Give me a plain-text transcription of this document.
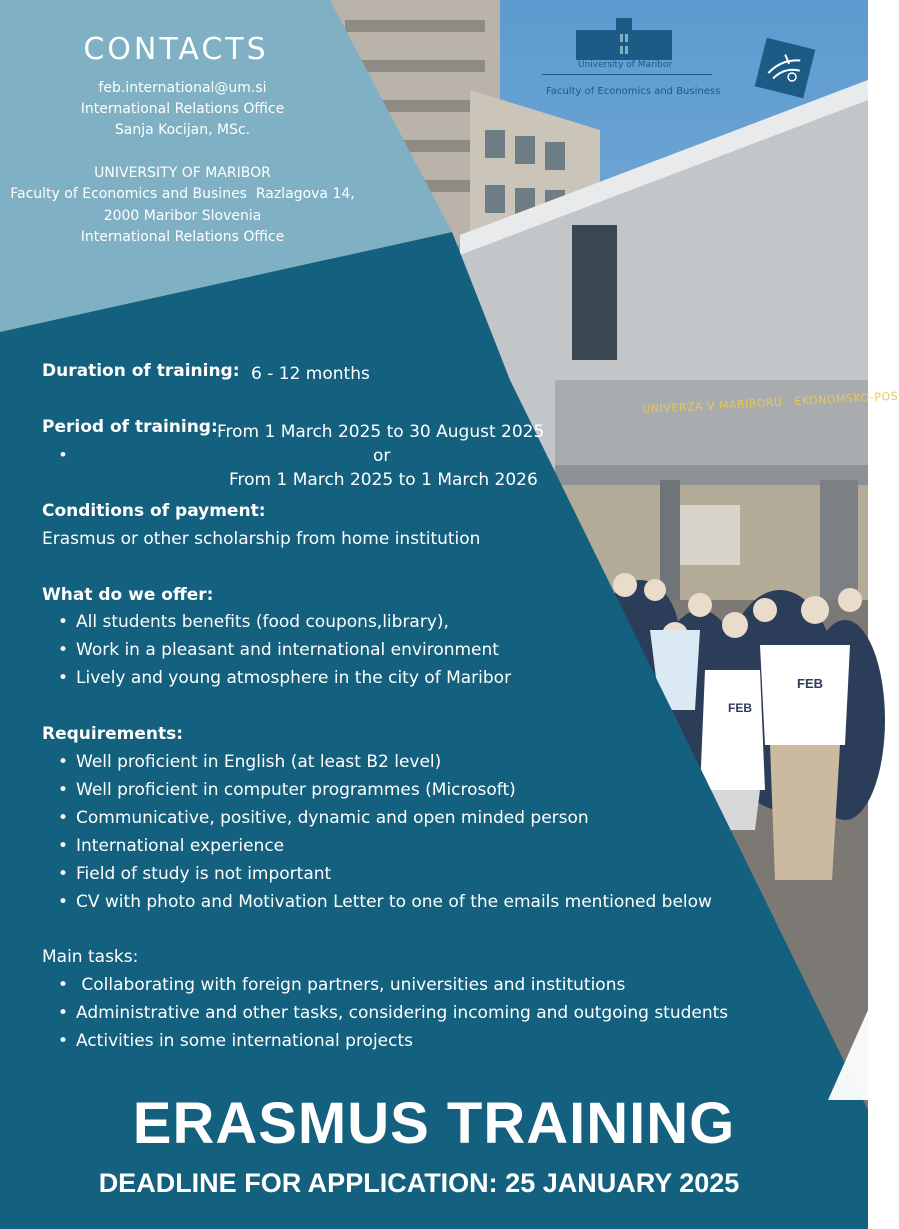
UNIVERZA V MARIBORU   EKONOMSKO-POS
FEB
FEB
University of Maribor
Faculty of Economics and Business
CONTACTS
feb.international@um.si
International Relations Office
Sanja Kocijan, MSc.
UNIVERSITY OF MARIBOR
Faculty of Economics and Busines  Razlagova 14,
2000 Maribor Slovenia
International Relations Office
Duration of training: 6 - 12 months
Period of training: From 1 March 2025 to 30 August 2025
•	or
From 1 March 2025 to 1 March 2026
Conditions of payment:
Erasmus or other scholarship from home institution
What do we offer:
• All students benefits (food coupons,library),
• Work in a pleasant and international environment
• Lively and young atmosphere in the city of Maribor
Requirements:
• Well proficient in English (at least B2 level)
• Well proficient in computer programmes (Microsoft)
• Communicative, positive, dynamic and open minded person
• International experience
• Field of study is not important
• CV with photo and Motivation Letter to one of the emails mentioned below
Main tasks:
•  Collaborating with foreign partners, universities and institutions
• Administrative and other tasks, considering incoming and outgoing students
• Activities in some international projects
ERASMUS TRAINING
DEADLINE FOR APPLICATION: 25 JANUARY 2025
